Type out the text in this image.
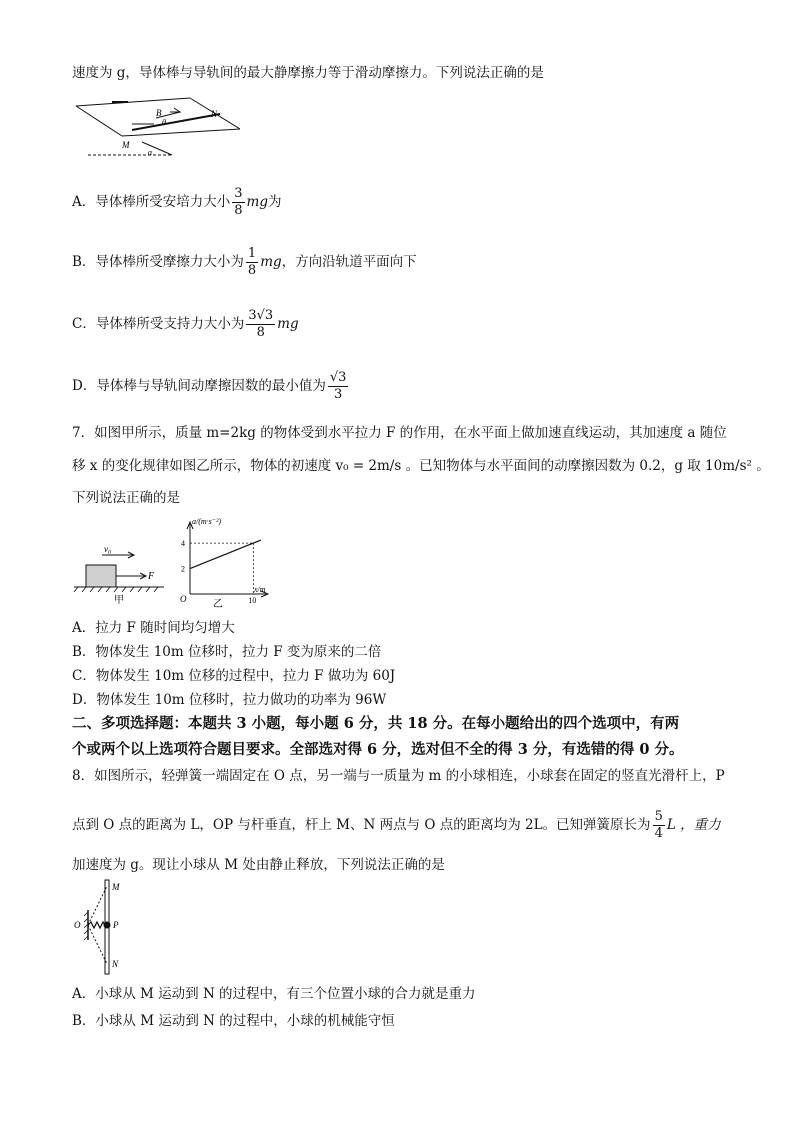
速度为 g，导体棒与导轨间的最大静摩擦力等于滑动摩擦力。下列说法正确的是
B	N
M
θ
α
A．导体棒所受安培力大小 $\frac{3}{8}$ mg为
B．导体棒所受摩擦力大小为 $\frac{1}{8}$ mg，方向沿轨道平面向下
C．导体棒所受支持力大小为 $\frac{3√3}{8}$ mg
D．导体棒与导轨间动摩擦因数的最小值为 $\frac{√3}{3}$
7．如图甲所示，质量 m=2kg 的物体受到水平拉力 F 的作用，在水平面上做加速直线运动，其加速度 a 随位
移 x 的变化规律如图乙所示，物体的初速度 v₀ = 2m/s 。已知物体与水平面间的动摩擦因数为 0.2，g 取 10m/s² 。
下列说法正确的是
v₀
F
甲
2
4
10
a/(m·s⁻²)
x/m
O	乙
A．拉力 F 随时间均匀增大
B．物体发生 10m 位移时，拉力 F 变为原来的二倍
C．物体发生 10m 位移的过程中，拉力 F 做功为 60J
D．物体发生 10m 位移时，拉力做功的功率为 96W
二、多项选择题：本题共 3 小题，每小题 6 分，共 18 分。在每小题给出的四个选项中，有两
个或两个以上选项符合题目要求。全部选对得 6 分，选对但不全的得 3 分，有选错的得 0 分。
8．如图所示，轻弹簧一端固定在 O 点，另一端与一质量为 m 的小球相连，小球套在固定的竖直光滑杆上，P
点到 O 点的距离为 L，OP 与杆垂直，杆上 M、N 两点与 O 点的距离均为 2L。已知弹簧原长为 $\frac{5}{4}$ L ，重力
加速度为 g。现让小球从 M 处由静止释放，下列说法正确的是
M
N
O	P
A．小球从 M 运动到 N 的过程中，有三个位置小球的合力就是重力
B．小球从 M 运动到 N 的过程中，小球的机械能守恒
